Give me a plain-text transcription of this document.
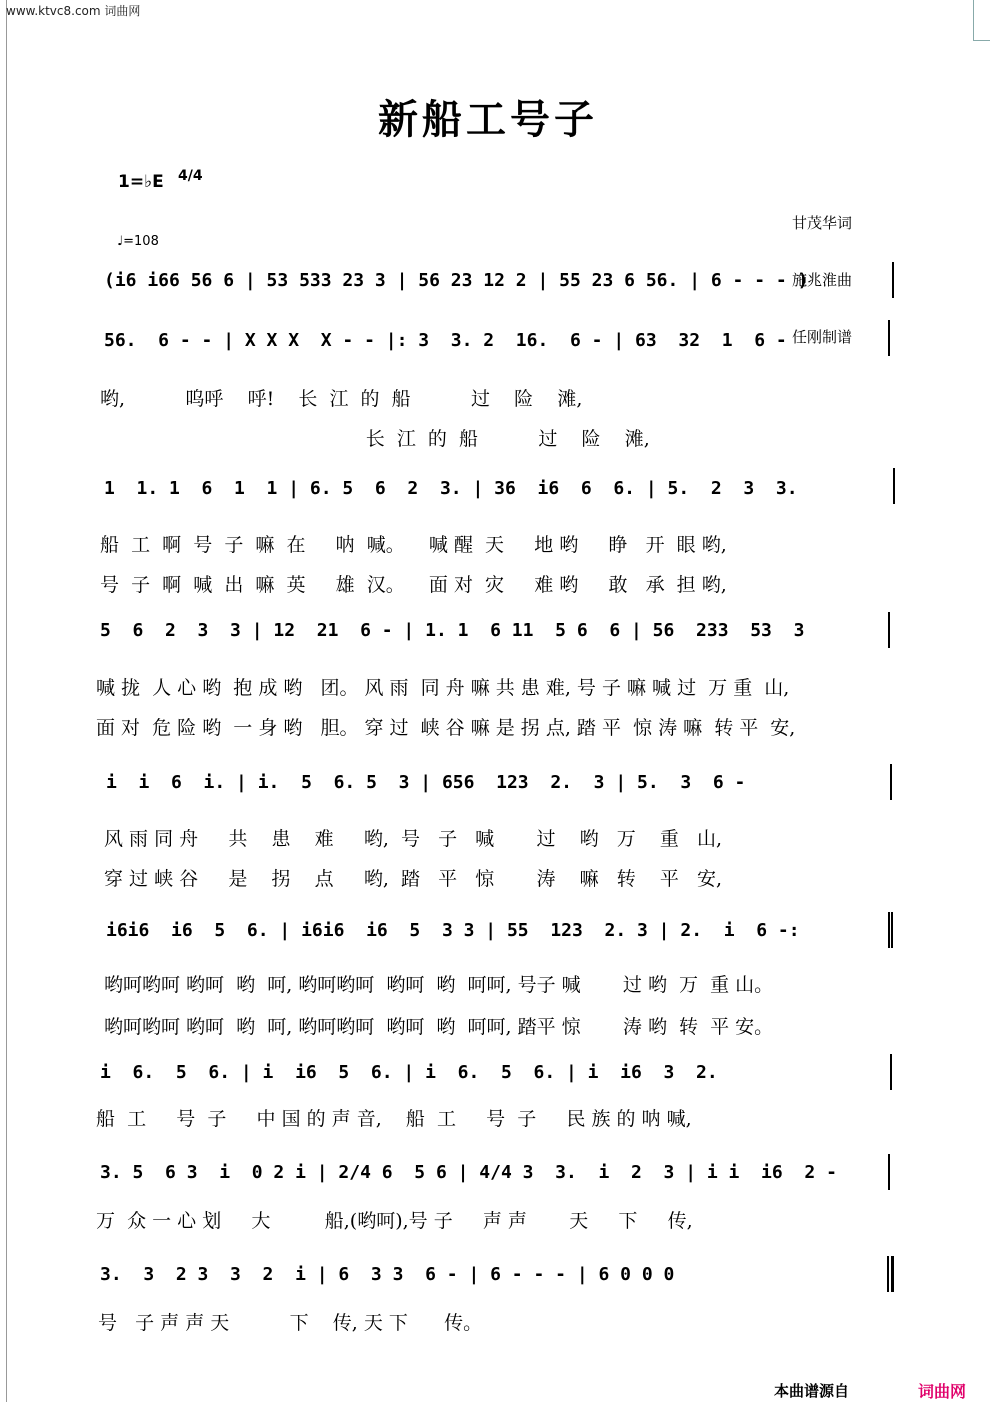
www.ktvc8.com 词曲网
新船工号子
1=♭E 4/4
♩=108

甘茂华词

施兆淮曲

任刚制谱

(i6 i66 56 6 | 53 533 23 3 | 56 23 12 2 | 55 23 6 56. | 6 - - - )
56.  6 - - | X X X  X - - |: 3  3. 2  16.  6 - | 63  32  1  6 -
哟,          呜呼    呼!    长  江  的  船          过    险    滩,
长  江  的  船          过    险    滩,
1  1. 1  6  1  1 | 6. 5  6  2  3. | 36  i6  6  6. | 5.  2  3  3.
船  工  啊  号  子  嘛  在     呐  喊。    喊 醒  天     地 哟     睁   开  眼 哟,
号  子  啊  喊  出  嘛  英     雄  汉。    面 对  灾     难 哟     敢   承  担 哟,
5  6  2  3  3 | 12  21  6 - | 1. 1  6 11  5 6  6 | 56  233  53  3
喊 拢  人 心 哟  抱 成 哟   团。 风 雨  同 舟 嘛 共 患 难, 号 子 嘛 喊 过  万 重  山,
面 对  危 险 哟  一 身 哟   胆。 穿 过  峡 谷 嘛 是 拐 点, 踏 平  惊 涛 嘛  转 平  安,
i  i  6  i. | i.  5  6. 5  3 | 656  123  2.  3 | 5.  3  6 -
风 雨 同 舟     共    患    难     哟,  号   子   喊       过    哟   万    重   山,
穿 过 峡 谷     是    拐    点     哟,  踏   平   惊       涛    嘛   转    平   安,
i6i6  i6  5  6. | i6i6  i6  5  3 3 | 55  123  2. 3 | 2.  i  6 -:
哟呵哟呵 哟呵  哟  呵, 哟呵哟呵  哟呵  哟  呵呵, 号子 喊       过 哟  万  重 山。
哟呵哟呵 哟呵  哟  呵, 哟呵哟呵  哟呵  哟  呵呵, 踏平 惊       涛 哟  转  平 安。
i  6.  5  6. | i  i6  5  6. | i  6.  5  6. | i  i6  3  2.
船  工     号  子     中 国 的 声 音,    船  工     号  子     民 族 的 呐 喊,
3. 5  6 3  i  0 2 i | 2/4 6  5 6 | 4/4 3  3.  i  2  3 | i i  i6  2 -
万  众 一 心 划     大         船,(哟呵),号 子     声 声       天     下     传,
3.  3  2 3  3  2  i | 6  3 3  6 - | 6 - - - | 6 0 0 0
号   子 声 声 天          下    传, 天 下      传。
本曲谱源自	词曲网
